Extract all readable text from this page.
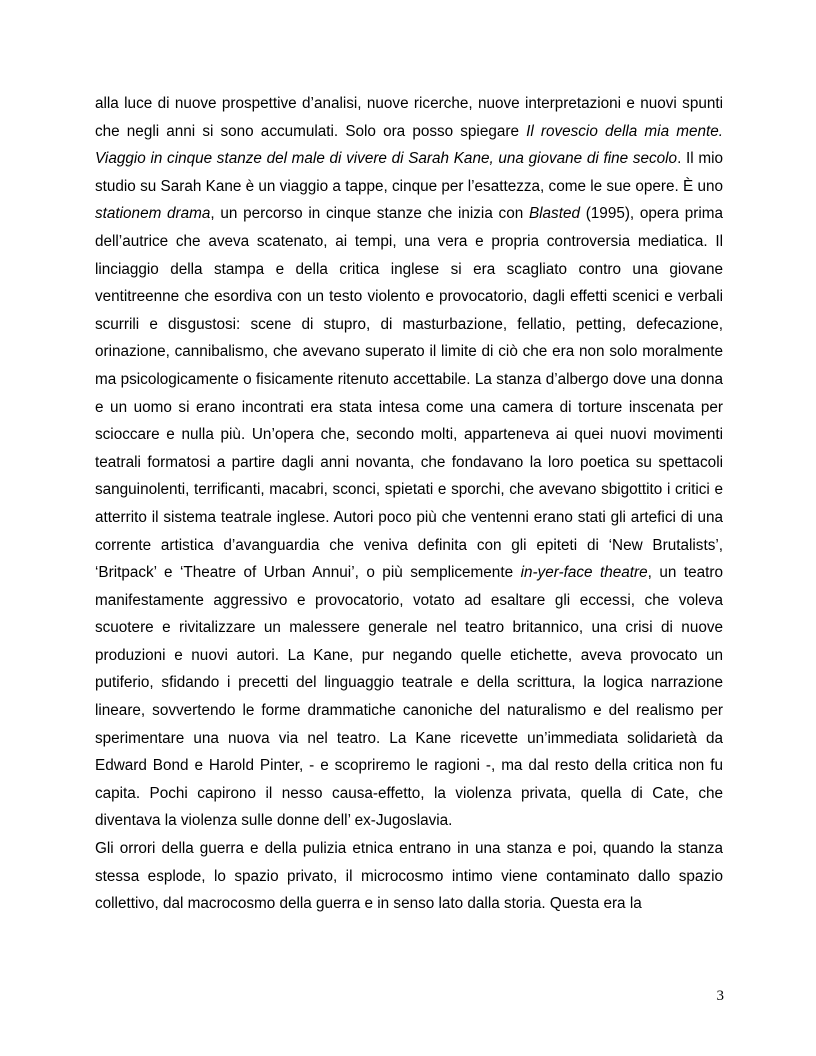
alla luce di nuove prospettive d’analisi, nuove ricerche, nuove interpretazioni e nuovi spunti che negli anni si sono accumulati. Solo ora posso spiegare Il rovescio della mia mente. Viaggio in cinque stanze del male di vivere di Sarah Kane, una giovane di fine secolo. Il mio studio su Sarah Kane è un viaggio a tappe, cinque per l’esattezza, come le sue opere. È uno stationem drama, un percorso in cinque stanze che inizia con Blasted (1995), opera prima dell’autrice che aveva scatenato, ai tempi, una vera e propria controversia mediatica. Il linciaggio della stampa e della critica inglese si era scagliato contro una giovane ventitreenne che esordiva con un testo violento e provocatorio, dagli effetti scenici e verbali scurrili e disgustosi: scene di stupro, di masturbazione, fellatio, petting, defecazione, orinazione, cannibalismo, che avevano superato il limite di ciò che era non solo moralmente ma psicologicamente o fisicamente ritenuto accettabile. La stanza d’albergo dove una donna e un uomo si erano incontrati era stata intesa come una camera di torture inscenata per scioccare e nulla più. Un’opera che, secondo molti, apparteneva ai quei nuovi movimenti teatrali formatosi a partire dagli anni novanta, che fondavano la loro poetica su spettacoli sanguinolenti, terrificanti, macabri, sconci, spietati e sporchi, che avevano sbigottito i critici e atterrito il sistema teatrale inglese. Autori poco più che ventenni erano stati gli artefici di una corrente artistica d’avanguardia che veniva definita con gli epiteti di ‘New Brutalists’, ‘Britpack’ e ‘Theatre of Urban Annui’, o più semplicemente in-yer-face theatre, un teatro manifestamente aggressivo e provocatorio, votato ad esaltare gli eccessi, che voleva scuotere e rivitalizzare un malessere generale nel teatro britannico, una crisi di nuove produzioni e nuovi autori. La Kane, pur negando quelle etichette, aveva provocato un putiferio, sfidando i precetti del linguaggio teatrale e della scrittura, la logica narrazione lineare, sovvertendo le forme drammatiche canoniche del naturalismo e del realismo per sperimentare una nuova via nel teatro. La Kane ricevette un’immediata solidarietà da Edward Bond e Harold Pinter, - e scopriremo le ragioni -, ma dal resto della critica non fu capita. Pochi capirono il nesso causa-effetto, la violenza privata, quella di Cate, che diventava la violenza sulle donne dell’ ex-Jugoslavia.

Gli orrori della guerra e della pulizia etnica entrano in una stanza e poi, quando la stanza stessa esplode, lo spazio privato, il microcosmo intimo viene contaminato dallo spazio collettivo, dal macrocosmo della guerra e in senso lato dalla storia. Questa era la

3
